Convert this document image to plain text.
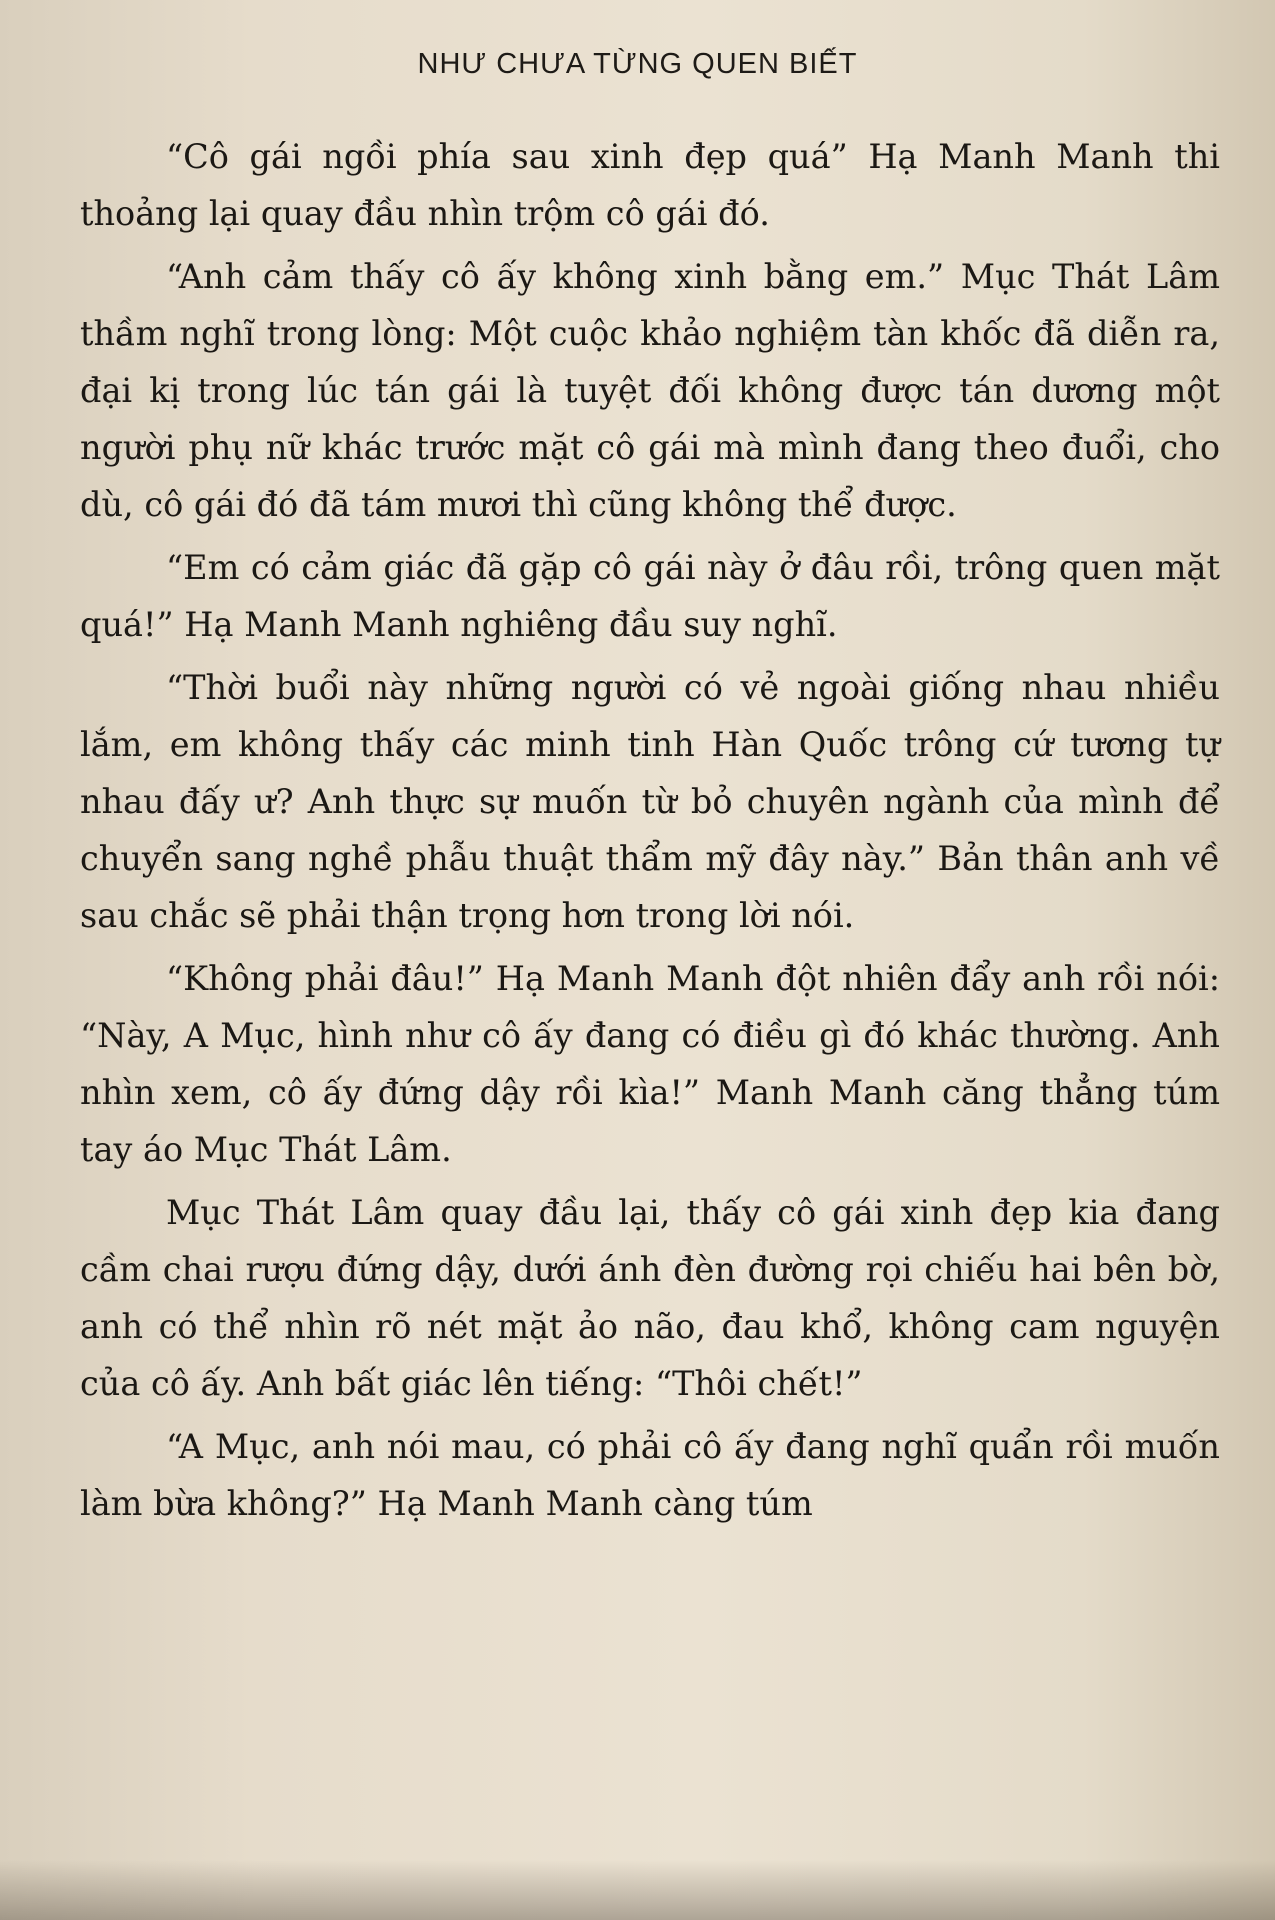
NHƯ CHƯA TỪNG QUEN BIẾT

“Cô gái ngồi phía sau xinh đẹp quá” Hạ Manh Manh thi thoảng lại quay đầu nhìn trộm cô gái đó.

“Anh cảm thấy cô ấy không xinh bằng em.” Mục Thát Lâm thầm nghĩ trong lòng: Một cuộc khảo nghiệm tàn khốc đã diễn ra, đại kị trong lúc tán gái là tuyệt đối không được tán dương một người phụ nữ khác trước mặt cô gái mà mình đang theo đuổi, cho dù, cô gái đó đã tám mươi thì cũng không thể được.

“Em có cảm giác đã gặp cô gái này ở đâu rồi, trông quen mặt quá!” Hạ Manh Manh nghiêng đầu suy nghĩ.

“Thời buổi này những người có vẻ ngoài giống nhau nhiều lắm, em không thấy các minh tinh Hàn Quốc trông cứ tương tự nhau đấy ư? Anh thực sự muốn từ bỏ chuyên ngành của mình để chuyển sang nghề phẫu thuật thẩm mỹ đây này.” Bản thân anh về sau chắc sẽ phải thận trọng hơn trong lời nói.

“Không phải đâu!” Hạ Manh Manh đột nhiên đẩy anh rồi nói: “Này, A Mục, hình như cô ấy đang có điều gì đó khác thường. Anh nhìn xem, cô ấy đứng dậy rồi kìa!” Manh Manh căng thẳng túm tay áo Mục Thát Lâm.

Mục Thát Lâm quay đầu lại, thấy cô gái xinh đẹp kia đang cầm chai rượu đứng dậy, dưới ánh đèn đường rọi chiếu hai bên bờ, anh có thể nhìn rõ nét mặt ảo não, đau khổ, không cam nguyện của cô ấy. Anh bất giác lên tiếng: “Thôi chết!”

“A Mục, anh nói mau, có phải cô ấy đang nghĩ quẩn rồi muốn làm bừa không?” Hạ Manh Manh càng túm
